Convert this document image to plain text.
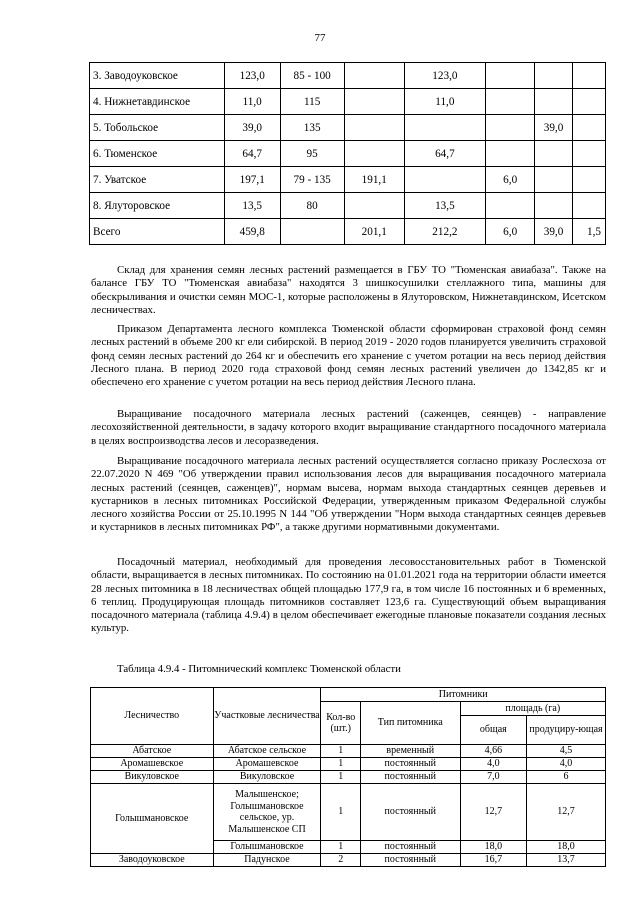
77
3. Заводоуковское	123,0	85 - 100		123,0			
4. Нижнетавдинское	11,0	115		11,0			
5. Тобольское	39,0	135				39,0	
6. Тюменское	64,7	95		64,7			
7. Уватское	197,1	79 - 135	191,1		6,0		
8. Ялуторовское	13,5	80		13,5			
Всего	459,8		201,1	212,2	6,0	39,0	1,5

Склад для хранения семян лесных растений размещается в ГБУ ТО "Тюменская авиабаза". Также на балансе ГБУ ТО "Тюменская авиабаза" находятся 3 шишкосушилки стеллажного типа, машины для обескрыливания и очистки семян МОС-1, которые расположены в Ялуторовском, Нижнетавдинском, Исетском лесничествах.

Приказом Департамента лесного комплекса Тюменской области сформирован страховой фонд семян лесных растений в объеме 200 кг ели сибирской. В период 2019 - 2020 годов планируется увеличить страховой фонд семян лесных растений до 264 кг и обеспечить его хранение с учетом ротации на весь период действия Лесного плана. В период 2020 года страховой фонд семян лесных растений увеличен до 1342,85 кг и обеспечено его хранение с учетом ротации на весь период действия Лесного плана.

Выращивание посадочного материала лесных растений (саженцев, сеянцев) - направление лесохозяйственной деятельности, в задачу которого входит выращивание стандартного посадочного материала в целях воспроизводства лесов и лесоразведения.

Выращивание посадочного материала лесных растений осуществляется согласно приказу Рослесхоза от 22.07.2020 N 469 "Об утверждении правил использования лесов для выращивания посадочного материала лесных растений (сеянцев, саженцев)", нормам высева, нормам выхода стандартных сеянцев деревьев и кустарников в лесных питомниках Российской Федерации, утвержденным приказом Федеральной службы лесного хозяйства России от 25.10.1995 N 144 "Об утверждении "Норм выхода стандартных сеянцев деревьев и кустарников в лесных питомниках РФ", а также другими нормативными документами.

Посадочный материал, необходимый для проведения лесовосстановительных работ в Тюменской области, выращивается в лесных питомниках. По состоянию на 01.01.2021 года на территории области имеется 28 лесных питомника в 18 лесничествах общей площадью 177,9 га, в том числе 16 постоянных и 6 временных, 6 теплиц. Продуцирующая площадь питомников составляет 123,6 га. Существующий объем выращивания посадочного материала (таблица 4.9.4) в целом обеспечивает ежегодные плановые показатели создания лесных культур.

Таблица 4.9.4 - Питомнический комплекс Тюменской области
Лесничество	Участковые лесничества	Питомники			
		Кол-во (шт.)	Тип питомника	площадь (га)	
				общая	продуциру-ющая
Абатское	Абатское сельское	1	временный	4,66	4,5
Аромашевское	Аромашевское	1	постоянный	4,0	4,0
Викуловское	Викуловское	1	постоянный	7,0	6
Голышмановское	Малышенское; Голышмановское сельское, ур. Малышенское СП	1	постоянный	12,7	12,7
	Голышмановское	1	постоянный	18,0	18,0
Заводоуковское	Падунское	2	постоянный	16,7	13,7
